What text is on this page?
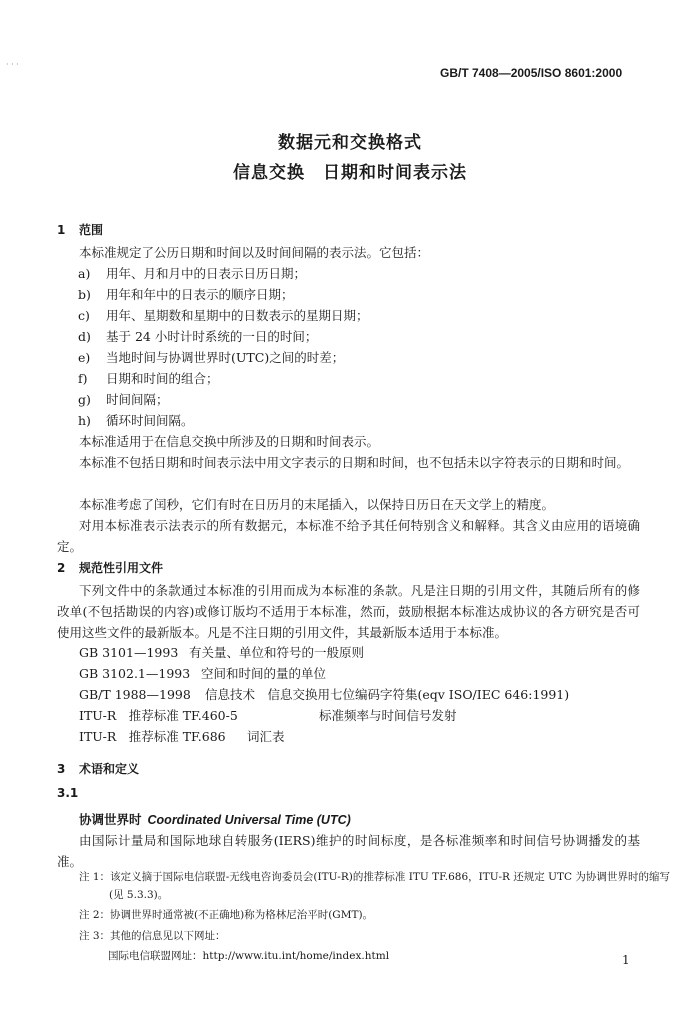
· · ·
GB/T 7408—2005/ISO 8601:2000
数据元和交换格式
信息交换　日期和时间表示法
1 范围
本标准规定了公历日期和时间以及时间间隔的表示法。它包括：
a) 用年、月和月中的日表示日历日期；
b) 用年和年中的日表示的顺序日期；
c) 用年、星期数和星期中的日数表示的星期日期；
d) 基于 24 小时计时系统的一日的时间；
e) 当地时间与协调世界时(UTC)之间的时差；
f) 日期和时间的组合；
g) 时间间隔；
h) 循环时间间隔。
本标准适用于在信息交换中所涉及的日期和时间表示。
本标准不包括日期和时间表示法中用文字表示的日期和时间，也不包括未以字符表示的日期和时间。
本标准考虑了闰秒，它们有时在日历月的末尾插入，以保持日历日在天文学上的精度。
对用本标准表示法表示的所有数据元，本标准不给予其任何特别含义和解释。其含义由应用的语境确定。
2 规范性引用文件
下列文件中的条款通过本标准的引用而成为本标准的条款。凡是注日期的引用文件，其随后所有的修改单(不包括勘误的内容)或修订版均不适用于本标准，然而，鼓励根据本标准达成协议的各方研究是否可使用这些文件的最新版本。凡是不注日期的引用文件，其最新版本适用于本标准。
GB 3101—1993 有关量、单位和符号的一般原则
GB 3102.1—1993 空间和时间的量的单位
GB/T 1988—1998 信息技术　信息交换用七位编码字符集(eqv ISO/IEC 646:1991)
ITU-R　推荐标准 TF.460-5	标准频率与时间信号发射
ITU-R　推荐标准 TF.686 词汇表
3 术语和定义
3.1
协调世界时 Coordinated Universal Time (UTC)
由国际计量局和国际地球自转服务(IERS)维护的时间标度，是各标准频率和时间信号协调播发的基准。
注 1：该定义摘于国际电信联盟-无线电咨询委员会(ITU-R)的推荐标准 ITU TF.686，ITU-R 还规定 UTC 为协调世界时的缩写(见 5.3.3)。
注 2：协调世界时通常被(不正确地)称为格林尼治平时(GMT)。
注 3：其他的信息见以下网址：
国际电信联盟网址：http://www.itu.int/home/index.html	1
